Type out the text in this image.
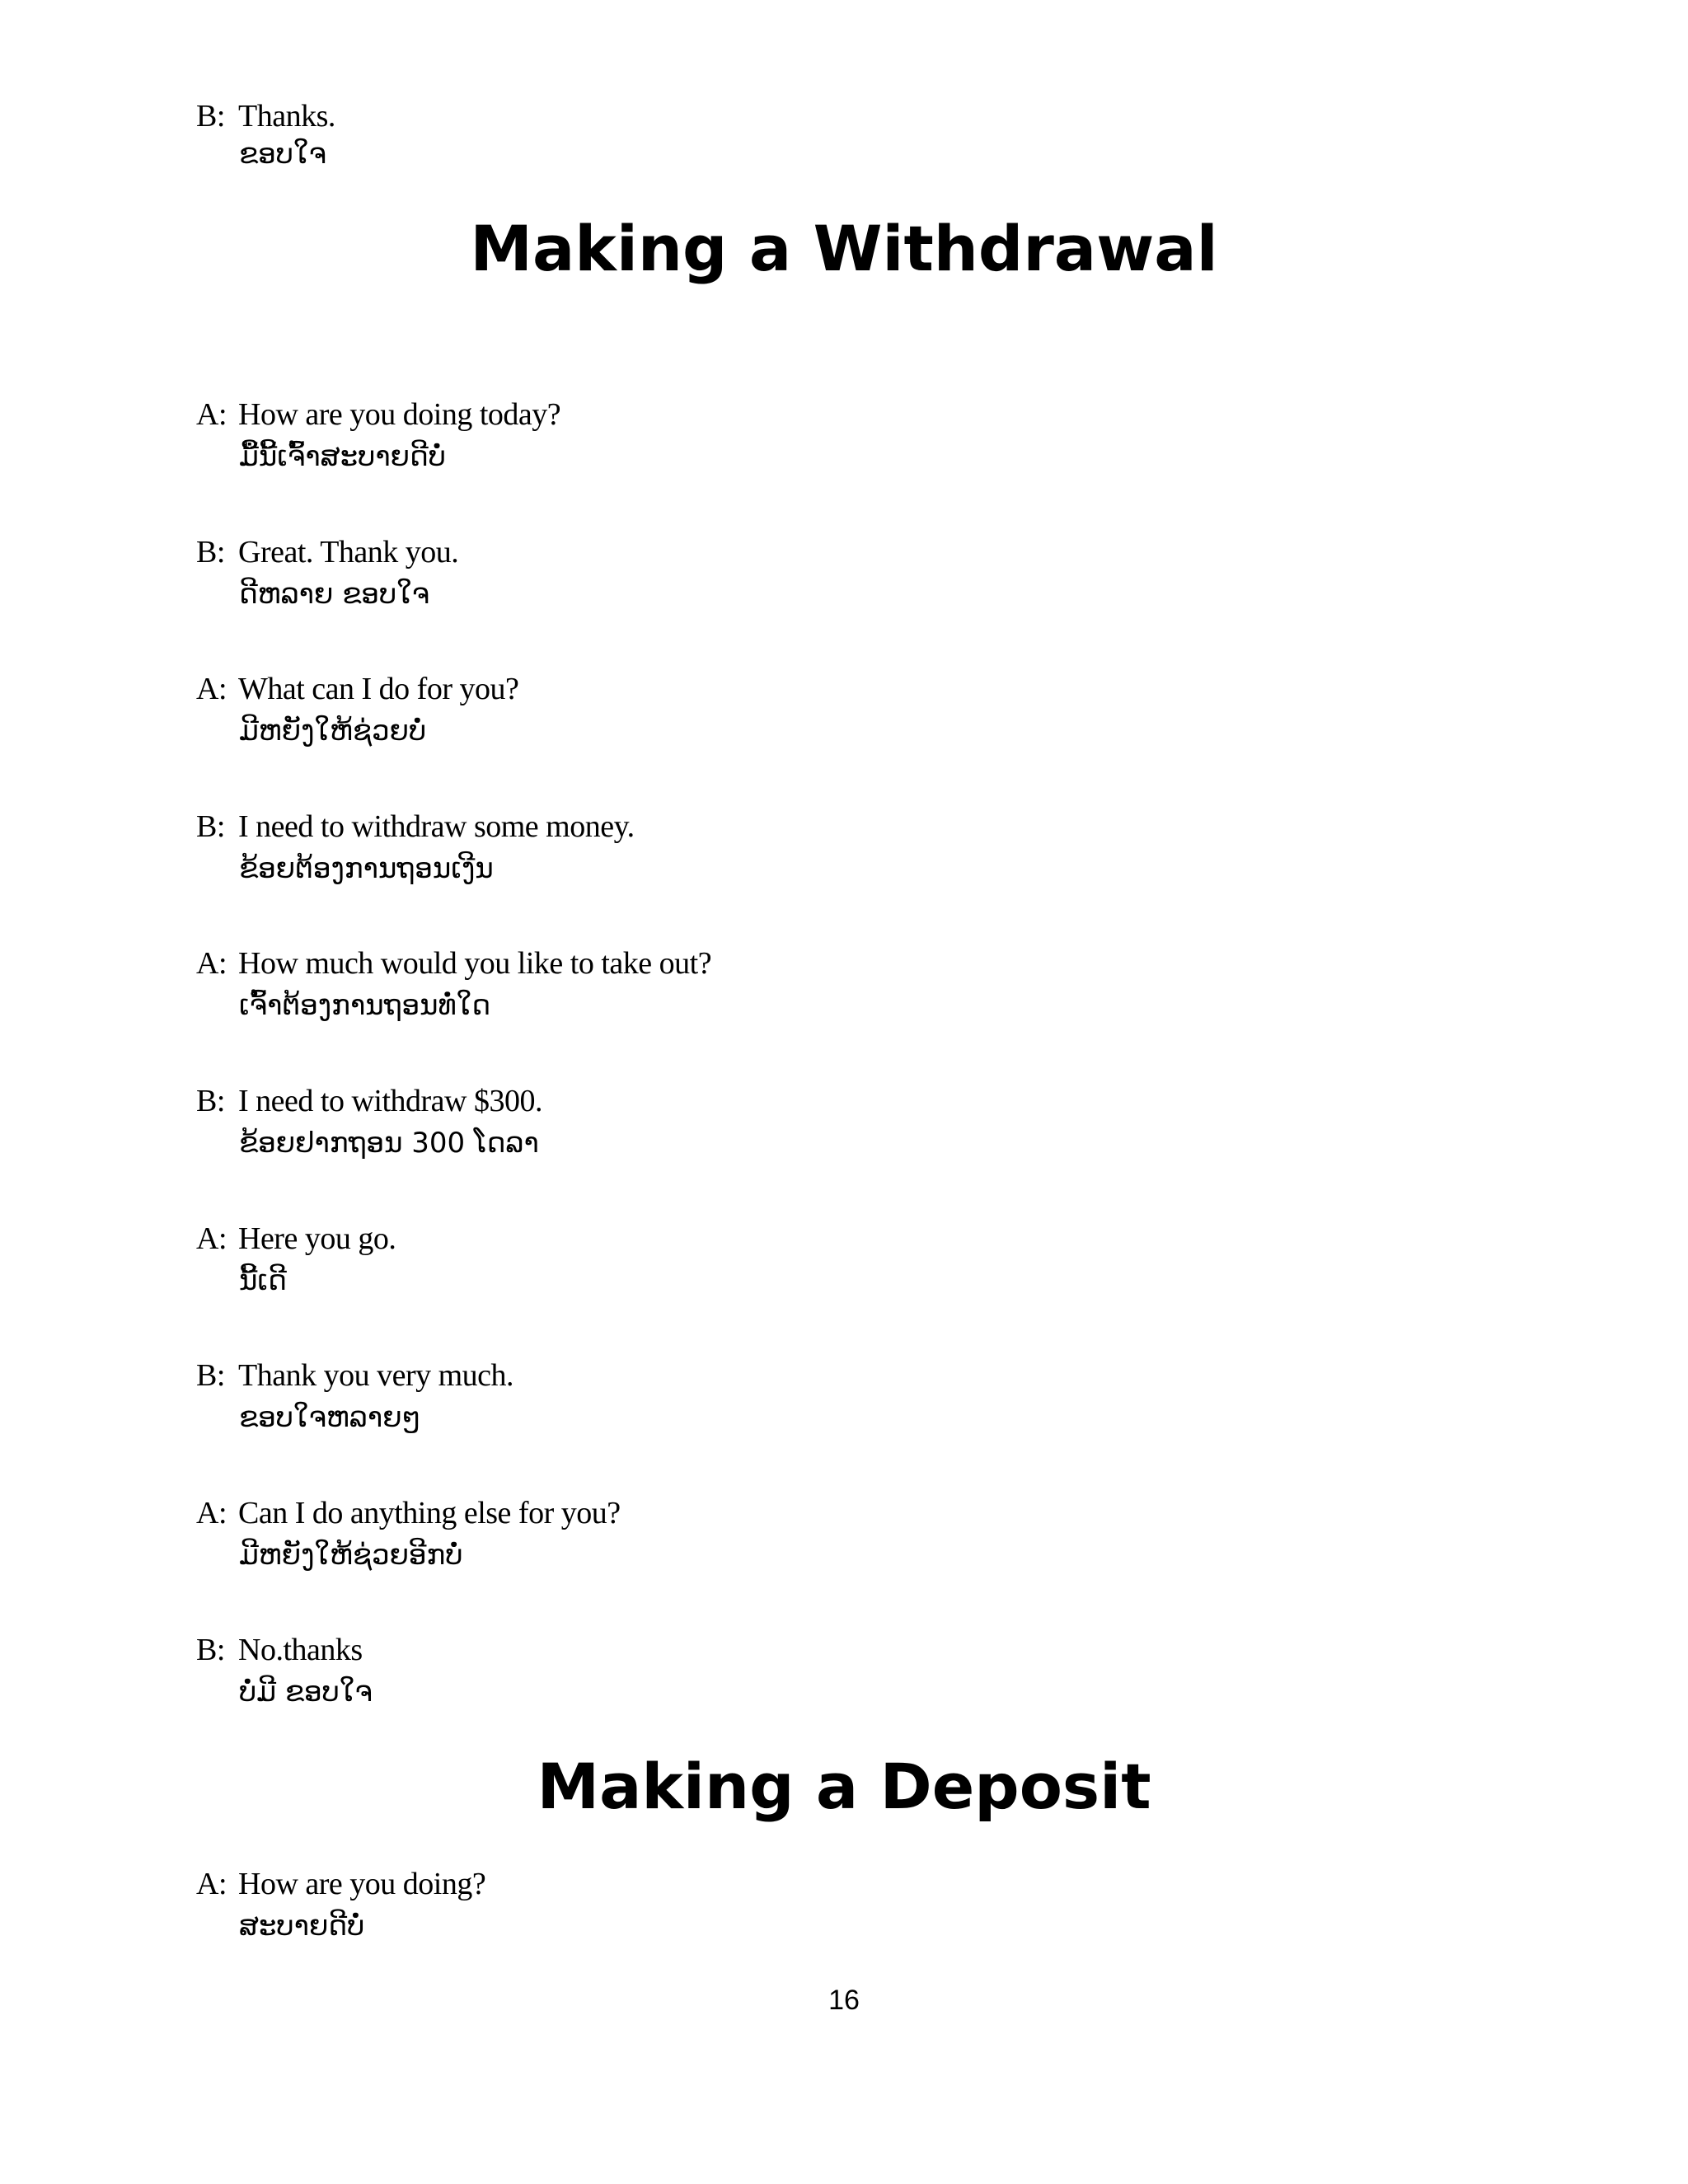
B: Thanks.

ຂອບໃຈ

Making a Withdrawal

A: How are you doing today?

ມື້ນີ້ເຈົ້າສະບາຍດີບໍ່

B: Great. Thank you.

ດີຫລາຍ ຂອບໃຈ

A: What can I do for you?

ມີຫຍັງໃຫ້ຊ່ວຍບໍ່

B: I need to withdraw some money.

ຂ້ອຍຕ້ອງການຖອນເງີນ

A: How much would you like to take out?

ເຈົ້າຕ້ອງການຖອນທໍ່ໃດ

B: I need to withdraw $300.

ຂ້ອຍຢາກຖອນ 300 ໂດລາ

A: Here you go.

ນີ້ເດີ

B: Thank you very much.

ຂອບໃຈຫລາຍໆ

A: Can I do anything else for you?

ມີຫຍັງໃຫ້ຊ່ວຍອີກບໍ່

B: No.thanks

ບໍ່ມີ ຂອບໃຈ

Making a Deposit

A: How are you doing?

ສະບາຍດີບໍ່

16
